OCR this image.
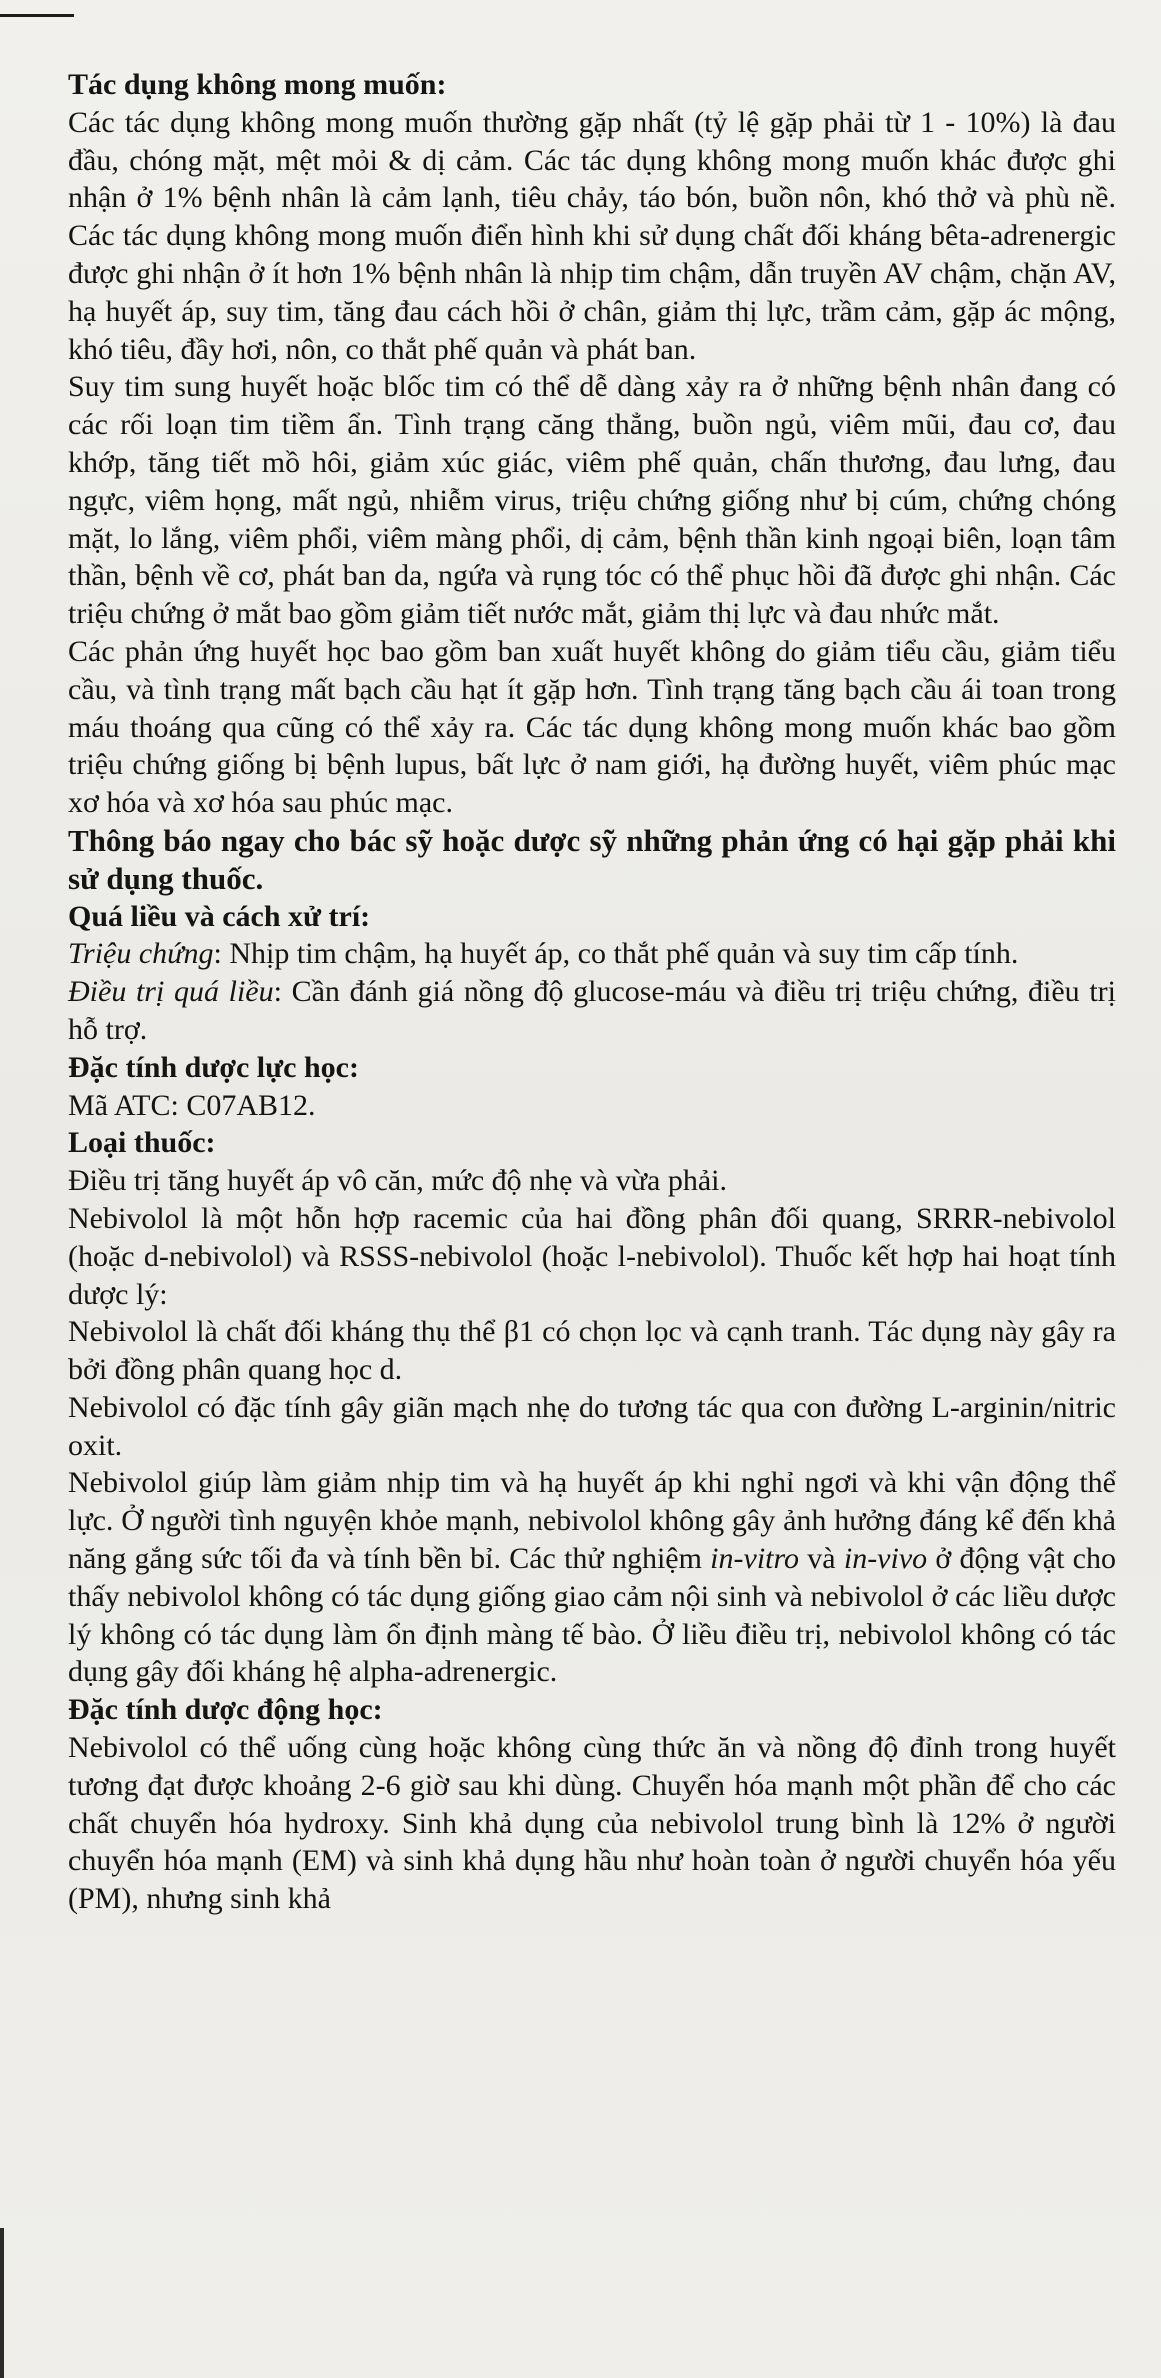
Tác dụng không mong muốn:

Các tác dụng không mong muốn thường gặp nhất (tỷ lệ gặp phải từ 1 - 10%) là đau đầu, chóng mặt, mệt mỏi & dị cảm. Các tác dụng không mong muốn khác được ghi nhận ở 1% bệnh nhân là cảm lạnh, tiêu chảy, táo bón, buồn nôn, khó thở và phù nề. Các tác dụng không mong muốn điển hình khi sử dụng chất đối kháng bêta-adrenergic được ghi nhận ở ít hơn 1% bệnh nhân là nhịp tim chậm, dẫn truyền AV chậm, chặn AV, hạ huyết áp, suy tim, tăng đau cách hồi ở chân, giảm thị lực, trầm cảm, gặp ác mộng, khó tiêu, đầy hơi, nôn, co thắt phế quản và phát ban.

Suy tim sung huyết hoặc blốc tim có thể dễ dàng xảy ra ở những bệnh nhân đang có các rối loạn tim tiềm ẩn. Tình trạng căng thẳng, buồn ngủ, viêm mũi, đau cơ, đau khớp, tăng tiết mồ hôi, giảm xúc giác, viêm phế quản, chấn thương, đau lưng, đau ngực, viêm họng, mất ngủ, nhiễm virus, triệu chứng giống như bị cúm, chứng chóng mặt, lo lắng, viêm phổi, viêm màng phổi, dị cảm, bệnh thần kinh ngoại biên, loạn tâm thần, bệnh về cơ, phát ban da, ngứa và rụng tóc có thể phục hồi đã được ghi nhận. Các triệu chứng ở mắt bao gồm giảm tiết nước mắt, giảm thị lực và đau nhức mắt.

Các phản ứng huyết học bao gồm ban xuất huyết không do giảm tiểu cầu, giảm tiểu cầu, và tình trạng mất bạch cầu hạt ít gặp hơn. Tình trạng tăng bạch cầu ái toan trong máu thoáng qua cũng có thể xảy ra. Các tác dụng không mong muốn khác bao gồm triệu chứng giống bị bệnh lupus, bất lực ở nam giới, hạ đường huyết, viêm phúc mạc xơ hóa và xơ hóa sau phúc mạc.

Thông báo ngay cho bác sỹ hoặc dược sỹ những phản ứng có hại gặp phải khi sử dụng thuốc.

Quá liều và cách xử trí:

Triệu chứng: Nhịp tim chậm, hạ huyết áp, co thắt phế quản và suy tim cấp tính.

Điều trị quá liều: Cần đánh giá nồng độ glucose-máu và điều trị triệu chứng, điều trị hỗ trợ.

Đặc tính dược lực học:

Mã ATC: C07AB12.

Loại thuốc:

Điều trị tăng huyết áp vô căn, mức độ nhẹ và vừa phải.

Nebivolol là một hỗn hợp racemic của hai đồng phân đối quang, SRRR-nebivolol (hoặc d-nebivolol) và RSSS-nebivolol (hoặc l-nebivolol). Thuốc kết hợp hai hoạt tính dược lý:

Nebivolol là chất đối kháng thụ thể β1 có chọn lọc và cạnh tranh. Tác dụng này gây ra bởi đồng phân quang học d.

Nebivolol có đặc tính gây giãn mạch nhẹ do tương tác qua con đường L-arginin/nitric oxit.

Nebivolol giúp làm giảm nhịp tim và hạ huyết áp khi nghỉ ngơi và khi vận động thể lực. Ở người tình nguyện khỏe mạnh, nebivolol không gây ảnh hưởng đáng kể đến khả năng gắng sức tối đa và tính bền bỉ. Các thử nghiệm in-vitro và in-vivo ở động vật cho thấy nebivolol không có tác dụng giống giao cảm nội sinh và nebivolol ở các liều dược lý không có tác dụng làm ổn định màng tế bào. Ở liều điều trị, nebivolol không có tác dụng gây đối kháng hệ alpha-adrenergic.

Đặc tính dược động học:

Nebivolol có thể uống cùng hoặc không cùng thức ăn và nồng độ đỉnh trong huyết tương đạt được khoảng 2-6 giờ sau khi dùng. Chuyển hóa mạnh một phần để cho các chất chuyển hóa hydroxy. Sinh khả dụng của nebivolol trung bình là 12% ở người chuyển hóa mạnh (EM) và sinh khả dụng hầu như hoàn toàn ở người chuyển hóa yếu (PM), nhưng sinh khả
